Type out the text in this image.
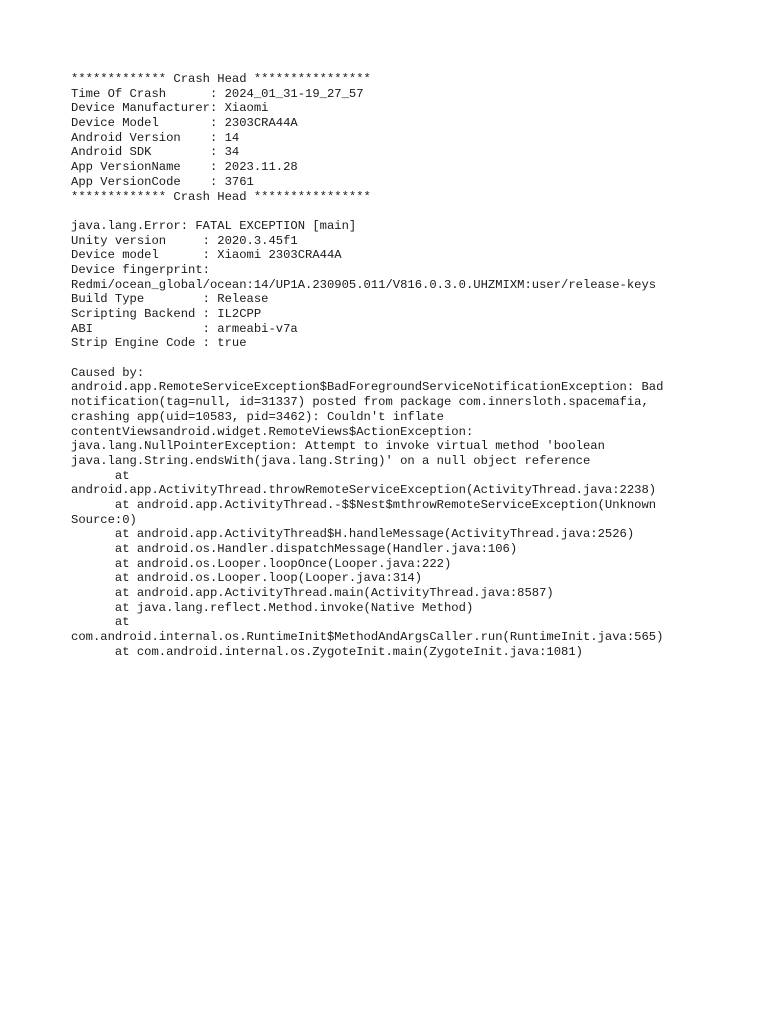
************* Crash Head ****************
Time Of Crash      : 2024_01_31-19_27_57
Device Manufacturer: Xiaomi
Device Model       : 2303CRA44A
Android Version    : 14
Android SDK        : 34
App VersionName    : 2023.11.28
App VersionCode    : 3761
************* Crash Head ****************
java.lang.Error: FATAL EXCEPTION [main]
Unity version     : 2020.3.45f1
Device model      : Xiaomi 2303CRA44A
Device fingerprint:
Redmi/ocean_global/ocean:14/UP1A.230905.011/V816.0.3.0.UHZMIXM:user/release-keys
Build Type        : Release
Scripting Backend : IL2CPP
ABI               : armeabi-v7a
Strip Engine Code : true
Caused by:
android.app.RemoteServiceException$BadForegroundServiceNotificationException: Bad
notification(tag=null, id=31337) posted from package com.innersloth.spacemafia,
crashing app(uid=10583, pid=3462): Couldn't inflate
contentViewsandroid.widget.RemoteViews$ActionException:
java.lang.NullPointerException: Attempt to invoke virtual method 'boolean
java.lang.String.endsWith(java.lang.String)' on a null object reference
at
android.app.ActivityThread.throwRemoteServiceException(ActivityThread.java:2238)
at android.app.ActivityThread.-$$Nest$mthrowRemoteServiceException(Unknown
Source:0)
at android.app.ActivityThread$H.handleMessage(ActivityThread.java:2526)
at android.os.Handler.dispatchMessage(Handler.java:106)
at android.os.Looper.loopOnce(Looper.java:222)
at android.os.Looper.loop(Looper.java:314)
at android.app.ActivityThread.main(ActivityThread.java:8587)
at java.lang.reflect.Method.invoke(Native Method)
at
com.android.internal.os.RuntimeInit$MethodAndArgsCaller.run(RuntimeInit.java:565)
at com.android.internal.os.ZygoteInit.main(ZygoteInit.java:1081)
